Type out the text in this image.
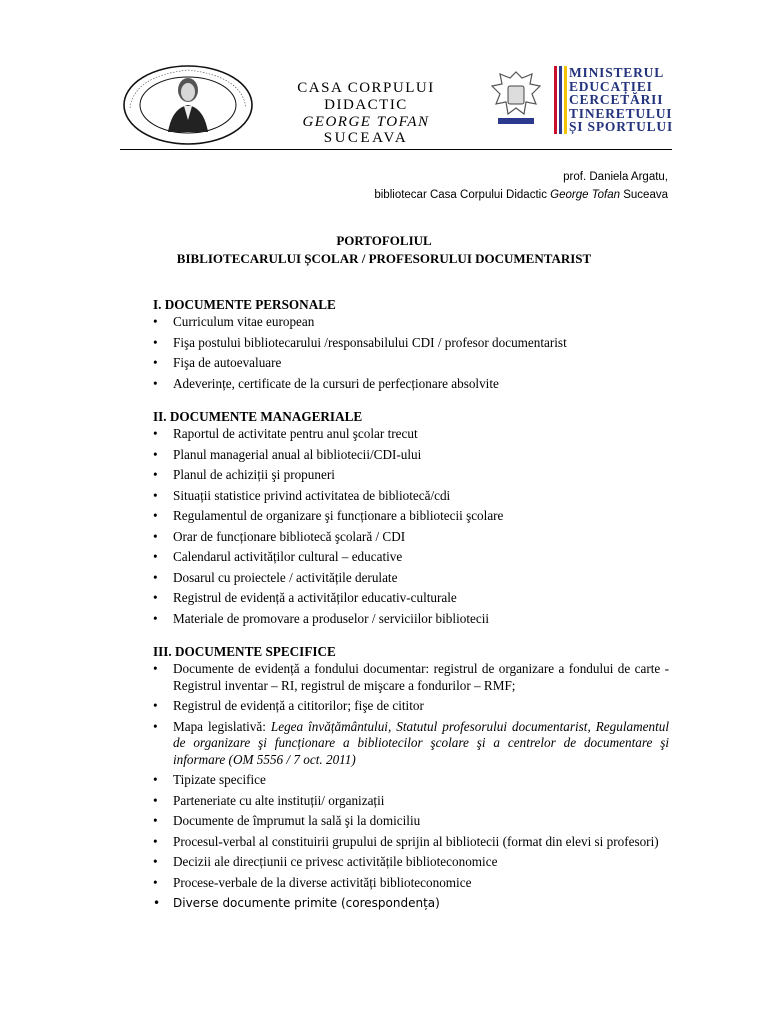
CASA CORPULUI DIDACTIC
GEORGE TOFAN
SUCEAVA
MINISTERUL
EDUCAȚIEI
CERCETĂRII
TINERETULUI
ȘI SPORTULUI
prof. Daniela Argatu,
bibliotecar Casa Corpului Didactic George Tofan Suceava
PORTOFOLIUL
BIBLIOTECARULUI ȘCOLAR / PROFESORULUI DOCUMENTARIST
I. DOCUMENTE PERSONALE
• Curriculum vitae european
• Fişa postului bibliotecarului /responsabilului CDI / profesor documentarist
• Fişa de autoevaluare
• Adeverințe, certificate de la cursuri de perfecționare absolvite
II. DOCUMENTE MANAGERIALE
• Raportul de activitate pentru anul şcolar trecut
• Planul managerial anual al bibliotecii/CDI-ului
• Planul de achiziții şi propuneri
• Situații statistice privind activitatea de bibliotecă/cdi
• Regulamentul de organizare şi funcționare a bibliotecii şcolare
• Orar de funcționare bibliotecă şcolară / CDI
• Calendarul activităților cultural – educative
• Dosarul cu proiectele / activitățile derulate
• Registrul de evidență a activităților educativ-culturale
• Materiale de promovare a produselor / serviciilor bibliotecii
III. DOCUMENTE SPECIFICE
• Documente de evidență a fondului documentar: registrul de organizare a fondului de carte - Registrul inventar – RI, registrul de mişcare a fondurilor – RMF;
• Registrul de evidență a cititorilor; fişe de cititor
• Mapa legislativă: Legea învățământului, Statutul profesorului documentarist, Regulamentul de organizare şi funcționare a bibliotecilor şcolare şi a centrelor de documentare şi informare (OM 5556 / 7 oct. 2011)
• Tipizate specifice
• Parteneriate cu alte instituții/ organizații
• Documente de împrumut la sală şi la domiciliu
• Procesul-verbal al constituirii grupului de sprijin al bibliotecii (format din elevi si profesori)
• Decizii ale direcțiunii ce privesc activitățile biblioteconomice
• Procese-verbale de la diverse activități biblioteconomice
• Diverse documente primite (corespondența)
